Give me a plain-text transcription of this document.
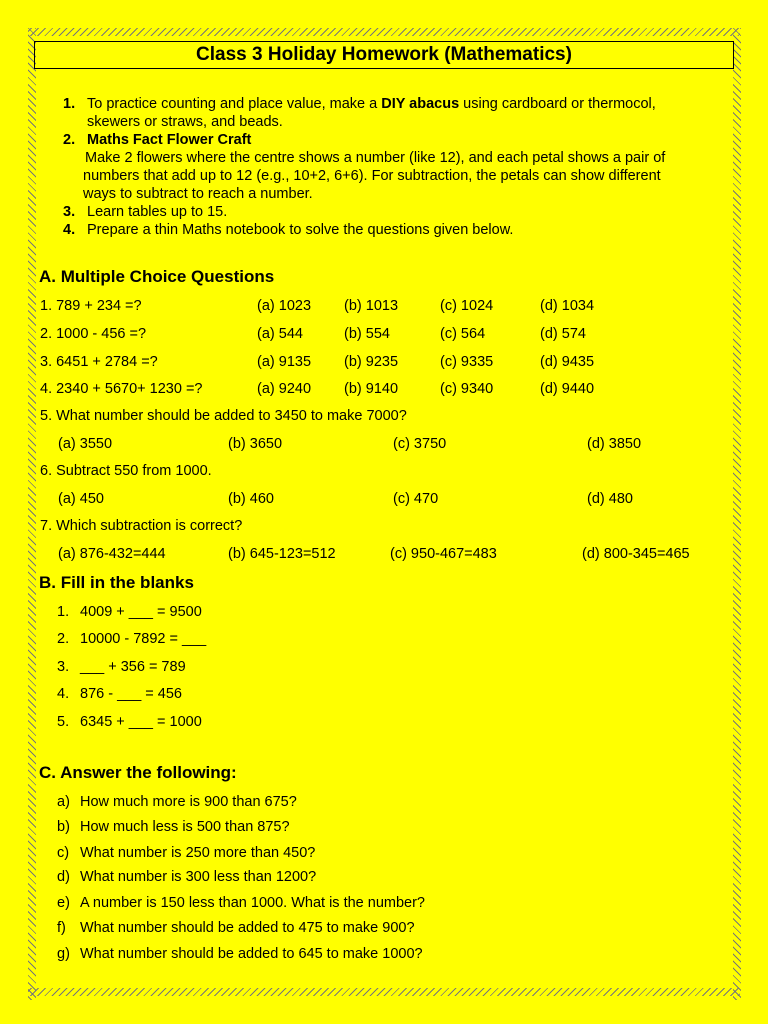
Class 3 Holiday Homework (Mathematics)
1. To practice counting and place value, make a DIY abacus using cardboard or thermocol,
skewers or straws, and beads.
2. Maths Fact Flower Craft
Make 2 flowers where the centre shows a number (like 12), and each petal shows a pair of
numbers that add up to 12 (e.g., 10+2, 6+6). For subtraction, the petals can show different
ways to subtract to reach a number.
3. Learn tables up to 15.
4. Prepare a thin Maths notebook to solve the questions given below.
A. Multiple Choice Questions
1. 789 + 234 =?	(a) 1023 (b) 1013	(c) 1024	(d) 1034
2. 1000 - 456 =?	(a) 544	(b) 554	(c) 564	(d) 574
3. 6451 + 2784 =?	(a) 9135 (b) 9235	(c) 9335	(d) 9435
4. 2340 + 5670+ 1230 =?	(a) 9240 (b) 9140	(c) 9340	(d) 9440
5. What number should be added to 3450 to make 7000?
(a) 3550	(b) 3650	(c) 3750	(d) 3850
6. Subtract 550 from 1000.
(a) 450	(b) 460	(c) 470	(d) 480
7. Which subtraction is correct?
(a) 876-432=444	(b) 645-123=512	(c) 950-467=483	(d) 800-345=465
B. Fill in the blanks
1. 4009 + ___ = 9500
2. 10000 - 7892 = ___
3. ___ + 356 = 789
4. 876 - ___ = 456
5. 6345 + ___ = 1000
C. Answer the following:
a) How much more is 900 than 675?
b) How much less is 500 than 875?
c) What number is 250 more than 450?
d) What number is 300 less than 1200?
e) A number is 150 less than 1000. What is the number?
f) What number should be added to 475 to make 900?
g) What number should be added to 645 to make 1000?
